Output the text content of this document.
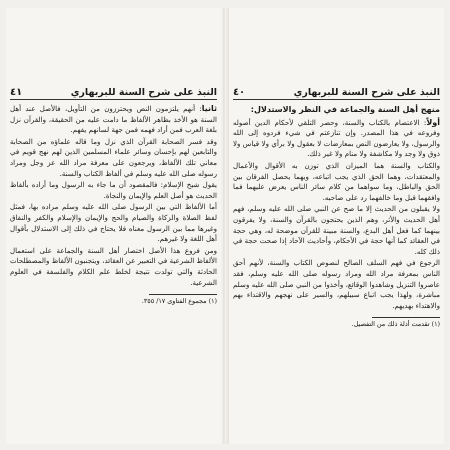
النبذ على شرح السنة للبربهاري
٤٠

منهج أهل السنة والجماعة في النظر والاستدلال:

أولاً: الاعتصام بالكتاب والسنة، وحصر التلقي لأحكام الدين أصوله وفروعه في هذا المصدر. وإن تنازعتم في شيء فردوه إلى الله والرسول، ولا يعارضون النص بمعارضات لا بعقول ولا برأي ولا قياس ولا ذوق ولا وجد ولا مكاشفة ولا منام ولا غير ذلك.

والكتاب والسنة هما الميزان الذي توزن به الأقوال والأعمال والمعتقدات، وهما الحق الذي يجب اتباعه، ويهما يحصل الفرقان بين الحق والباطل، وما سواهما من كلام سائر الناس يعرض عليهما فما وافقهما قبل وما خالفهما رد على صاحبه.

ولا يقبلون من الحديث إلا ما صح عن النبي صلى الله عليه وسلم، فهم أهل الحديث والأثر، وهم الذين يحتجون بالقرآن والسنة، ولا يفرقون بينهما كما فعل أهل البدع، والسنة مبينة للقرآن موضحة له، وهي حجة في العقائد كما أنها حجة في الأحكام، وأحاديث الآحاد إذا صحت حجة في ذلك كله.

الرجوع في فهم السلف الصالح لنصوص الكتاب والسنة، لأنهم أحق الناس بمعرفة مراد الله ومراد رسوله صلى الله عليه وسلم، فقد عاصروا التنزيل وشاهدوا الوقائع، وأخذوا من النبي صلى الله عليه وسلم مباشرة، ولهذا يجب اتباع سبيلهم، والسير على نهجهم والاقتداء بهم والاهتداء بهديهم.

(١) تقدمت أدلة ذلك من التفصيل.

النبذ على شرح السنة للبربهاري
٤١

ثانياً: أنهم يلتزمون النص ويحترزون من التأويل، فالأصل عند أهل السنة هو الأخذ بظاهر الألفاظ ما دامت عليه من الحقيقة، والقرآن نزل بلغة العرب فمن أراد فهمه فمن جهة لسانهم يفهم.

وقد فسر الصحابة القرآن الذي نزل وما قاله علماؤه من الصحابة والتابعين لهم بإحسان وسائر علماء المسلمين الذين لهم نهج قويم في معاني تلك الألفاظ، ويرجعون على معرفة مراد الله عز وجل ومراد رسوله صلى الله عليه وسلم في ألفاظ الكتاب والسنة.

يقول شيخ الإسلام: فالمقصود أن ما جاء به الرسول وما أراده بألفاظ الحديث هو أصل العلم والإيمان والنجاة.

أما الألفاظ التي بين الرسول صلى الله عليه وسلم مراده بها، فمثل لفظ الصلاة والزكاة والصيام والحج والإيمان والإسلام والكفر والنفاق وغيرها مما بين الرسول معناه فلا يحتاج في ذلك إلى الاستدلال بأقوال أهل اللغة ولا غيرهم.

ومن فروع هذا الأصل اختصار أهل السنة والجماعة على استعمال الألفاظ الشرعية في التعبير عن العقائد، ويتجنبون الألفاظ والمصطلحات الحادثة والتي تولدت نتيجة لخلط علم الكلام والفلسفة في العلوم الشرعية.

(١) مجموع الفتاوى ١٧/ ٣٥٥.
